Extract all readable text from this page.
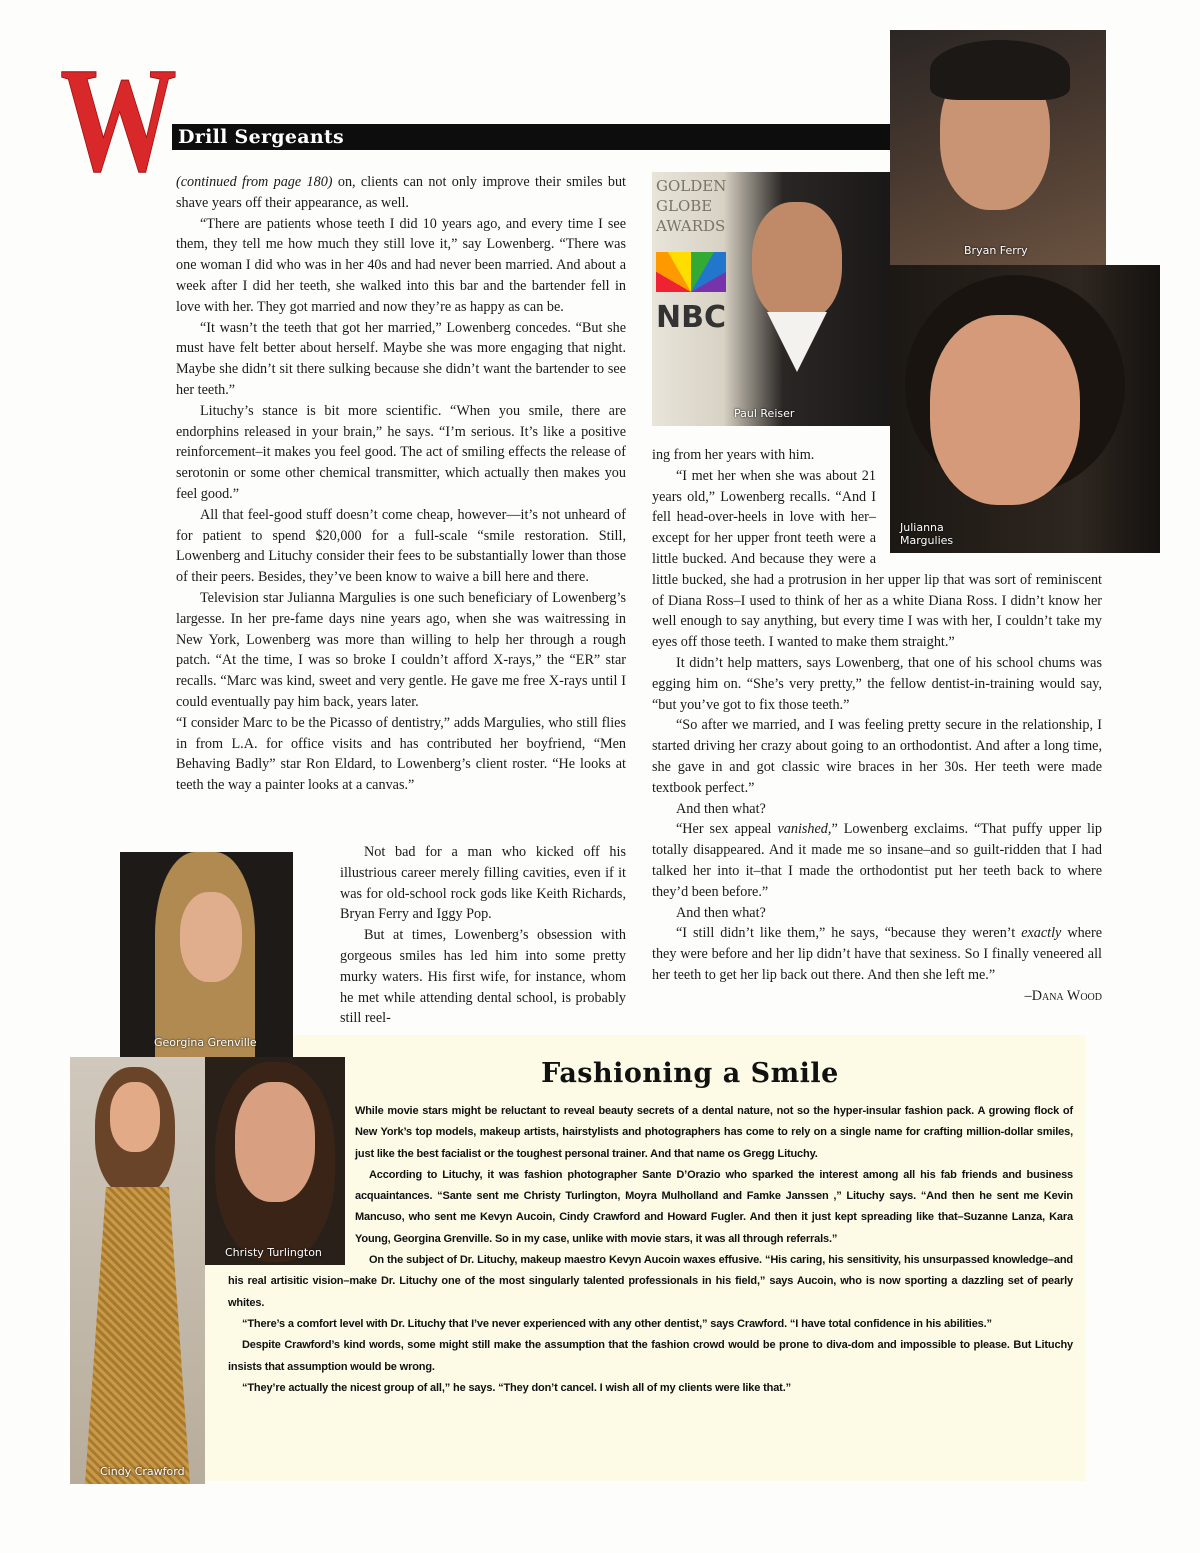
W Drill Sergeants
GOLDEN GLOBE AWARDS
NBC
Paul Reiser
Bryan Ferry
Julianna Margulies
Georgina Grenville
Cindy Crawford
Christy Turlington

(continued from page 180) on, clients can not only improve their smiles but shave years off their appearance, as well.

“There are patients whose teeth I did 10 years ago, and every time I see them, they tell me how much they still love it,” say Lowenberg. “There was one woman I did who was in her 40s and had never been married. And about a week after I did her teeth, she walked into this bar and the bartender fell in love with her. They got married and now they’re as happy as can be.

“It wasn’t the teeth that got her married,” Lowenberg concedes. “But she must have felt better about herself. Maybe she was more engaging that night. Maybe she didn’t sit there sulking because she didn’t want the bartender to see her teeth.”

Lituchy’s stance is bit more scientific. “When you smile, there are endorphins released in your brain,” he says. “I’m serious. It’s like a positive reinforcement–it makes you feel good. The act of smiling effects the release of serotonin or some other chemical transmitter, which actually then makes you feel good.”

All that feel-good stuff doesn’t come cheap, however—it’s not unheard of for patient to spend $20,000 for a full-scale “smile restoration. Still, Lowenberg and Lituchy consider their fees to be substantially lower than those of their peers. Besides, they’ve been know to waive a bill here and there.

Television star Julianna Margulies is one such beneficiary of Lowenberg’s largesse. In her pre-fame days nine years ago, when she was waitressing in New York, Lowenberg was more than willing to help her through a rough patch. “At the time, I was so broke I couldn’t afford X-rays,” the “ER” star recalls. “Marc was kind, sweet and very gentle. He gave me free X-rays until I could eventually pay him back, years later.

“I consider Marc to be the Picasso of dentistry,” adds Margulies, who still flies in from L.A. for office visits and has contributed her boyfriend, “Men Behaving Badly” star Ron Eldard, to Lowenberg’s client roster. “He looks at teeth the way a painter looks at a canvas.”

Not bad for a man who kicked off his illustrious career merely filling cavities, even if it was for old-school rock gods like Keith Richards, Bryan Ferry and Iggy Pop.

But at times, Lowenberg’s obsession with gorgeous smiles has led him into some pretty murky waters. His first wife, for instance, whom he met while attending dental school, is probably still reel-

ing from her years with him.

“I met her when she was about 21 years old,” Lowenberg recalls. “And I fell head-over-heels in love with her–except for her upper front teeth were a little bucked. And because they were a little bucked, she had a protrusion in her upper lip that was sort of reminiscent of Diana Ross–I used to think of her as a white Diana Ross. I didn’t know her well enough to say anything, but every time I was with her, I couldn’t take my eyes off those teeth. I wanted to make them straight.”

It didn’t help matters, says Lowenberg, that one of his school chums was egging him on. “She’s very pretty,” the fellow dentist-in-training would say, “but you’ve got to fix those teeth.”

“So after we married, and I was feeling pretty secure in the relationship, I started driving her crazy about going to an orthodontist. And after a long time, she gave in and got classic wire braces in her 30s. Her teeth were made textbook perfect.”

And then what?

“Her sex appeal vanished,” Lowenberg exclaims. “That puffy upper lip totally disappeared. And it made me so insane–and so guilt-ridden that I had talked her into it–that I made the orthodontist put her teeth back to where they’d been before.”

And then what?

“I still didn’t like them,” he says, “because they weren’t exactly where they were before and her lip didn’t have that sexiness. So I finally veneered all her teeth to get her lip back out there. And then she left me.”

–Dana Wood
Fashioning a Smile

While movie stars might be reluctant to reveal beauty secrets of a dental nature, not so the hyper-insular fashion pack. A growing flock of New York’s top models, makeup artists, hairstylists and photographers has come to rely on a single name for crafting million-dollar smiles, just like the best facialist or the toughest personal trainer. And that name os Gregg Lituchy.

According to Lituchy, it was fashion photographer Sante D’Orazio who sparked the interest among all his fab friends and business acquaintances. “Sante sent me Christy Turlington, Moyra Mulholland and Famke Janssen ,” Lituchy says. “And then he sent me Kevin Mancuso, who sent me Kevyn Aucoin, Cindy Crawford and Howard Fugler. And then it just kept spreading like that–Suzanne Lanza, Kara Young, Georgina Grenville. So in my case, unlike with movie stars, it was all through referrals.”

On the subject of Dr. Lituchy, makeup maestro Kevyn Aucoin waxes effusive. “His caring, his sensitivity, his unsurpassed knowledge–and his real artisitic vision–make Dr. Lituchy one of the most singularly talented professionals in his field,” says Aucoin, who is now sporting a dazzling set of pearly whites.

“There’s a comfort level with Dr. Lituchy that I’ve never experienced with any other dentist,” says Crawford. “I have total confidence in his abilities.”

Despite Crawford’s kind words, some might still make the assumption that the fashion crowd would be prone to diva-dom and impossible to please. But Lituchy insists that assumption would be wrong.

“They’re actually the nicest group of all,” he says. “They don’t cancel. I wish all of my clients were like that.”
